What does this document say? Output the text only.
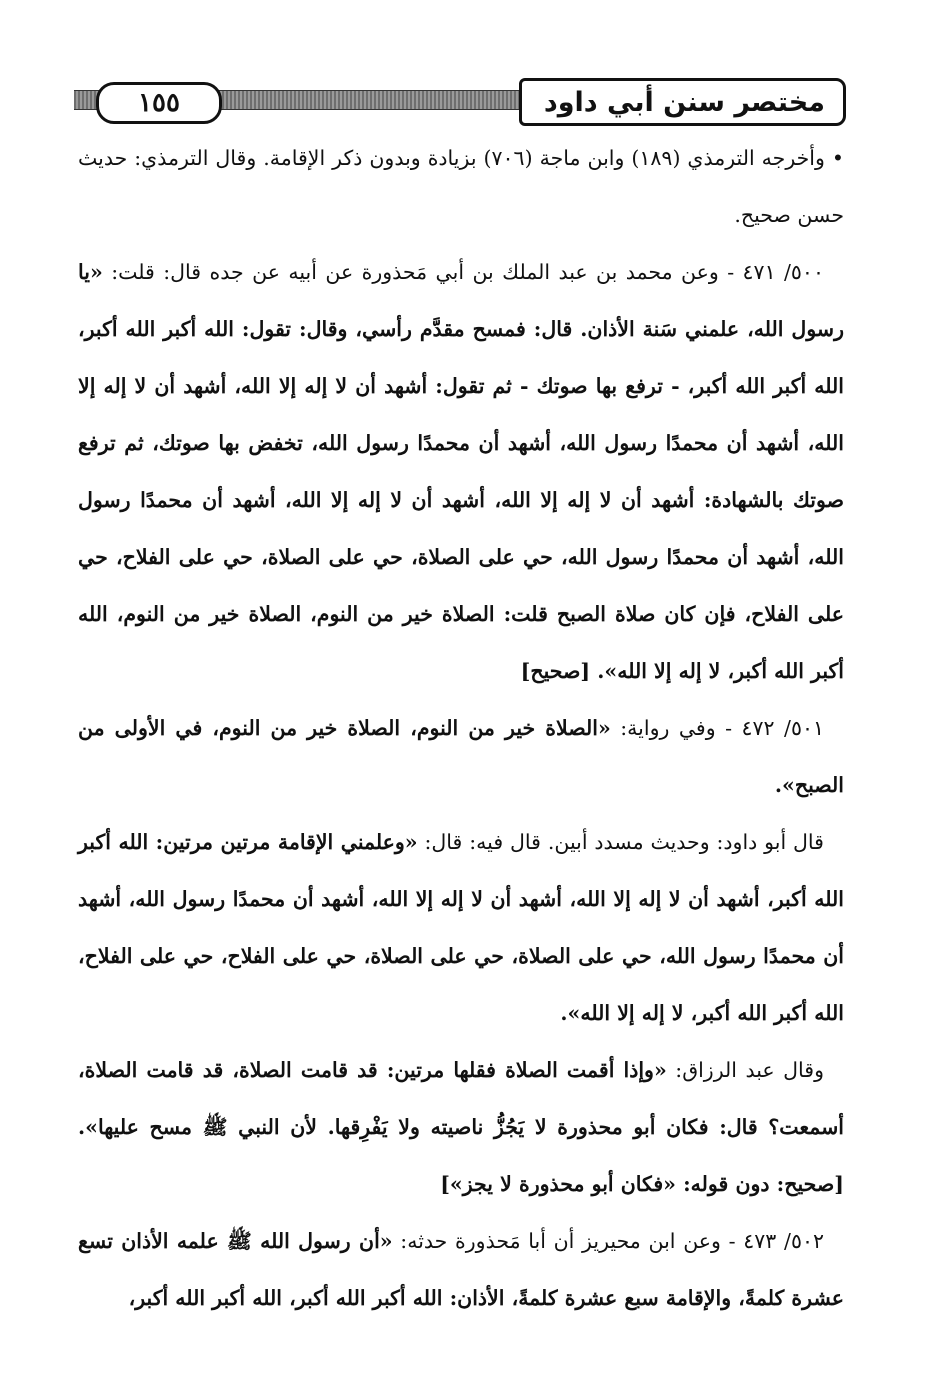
١٥٥	مختصر سنن أبي داود

• وأخرجه الترمذي (١٨٩) وابن ماجة (٧٠٦) بزيادة وبدون ذكر الإقامة. وقال الترمذي: حديث حسن صحيح.

٥٠٠/ ٤٧١ - وعن محمد بن عبد الملك بن أبي مَحذورة عن أبيه عن جده قال: قلت: «يا رسول الله، علمني سَنة الأذان. قال: فمسح مقدَّم رأسي، وقال: تقول: الله أكبر الله أكبر، الله أكبر الله أكبر، - ترفع بها صوتك - ثم تقول: أشهد أن لا إله إلا الله، أشهد أن لا إله إلا الله، أشهد أن محمدًا رسول الله، أشهد أن محمدًا رسول الله، تخفض بها صوتك، ثم ترفع صوتك بالشهادة: أشهد أن لا إله إلا الله، أشهد أن لا إله إلا الله، أشهد أن محمدًا رسول الله، أشهد أن محمدًا رسول الله، حي على الصلاة، حي على الصلاة، حي على الفلاح، حي على الفلاح، فإن كان صلاة الصبح قلت: الصلاة خير من النوم، الصلاة خير من النوم، الله أكبر الله أكبر، لا إله إلا الله». [صحيح]

٥٠١/ ٤٧٢ - وفي رواية: «الصلاة خير من النوم، الصلاة خير من النوم، في الأولى من الصبح».

قال أبو داود: وحديث مسدد أبين. قال فيه: قال: «وعلمني الإقامة مرتين مرتين: الله أكبر الله أكبر، أشهد أن لا إله إلا الله، أشهد أن لا إله إلا الله، أشهد أن محمدًا رسول الله، أشهد أن محمدًا رسول الله، حي على الصلاة، حي على الصلاة، حي على الفلاح، حي على الفلاح، الله أكبر الله أكبر، لا إله إلا الله».

وقال عبد الرزاق: «وإذا أقمت الصلاة فقلها مرتين: قد قامت الصلاة، قد قامت الصلاة، أسمعت؟ قال: فكان أبو محذورة لا يَجُزُّ ناصيته ولا يَفْرِقها. لأن النبي ﷺ مسح عليها». [صحيح: دون قوله: «فكان أبو محذورة لا يجز»]

٥٠٢/ ٤٧٣ - وعن ابن محيريز أن أبا مَحذورة حدثه: «أن رسول الله ﷺ علمه الأذان تسع عشرة كلمةً، والإقامة سبع عشرة كلمةً، الأذان: الله أكبر الله أكبر، الله أكبر الله أكبر،
